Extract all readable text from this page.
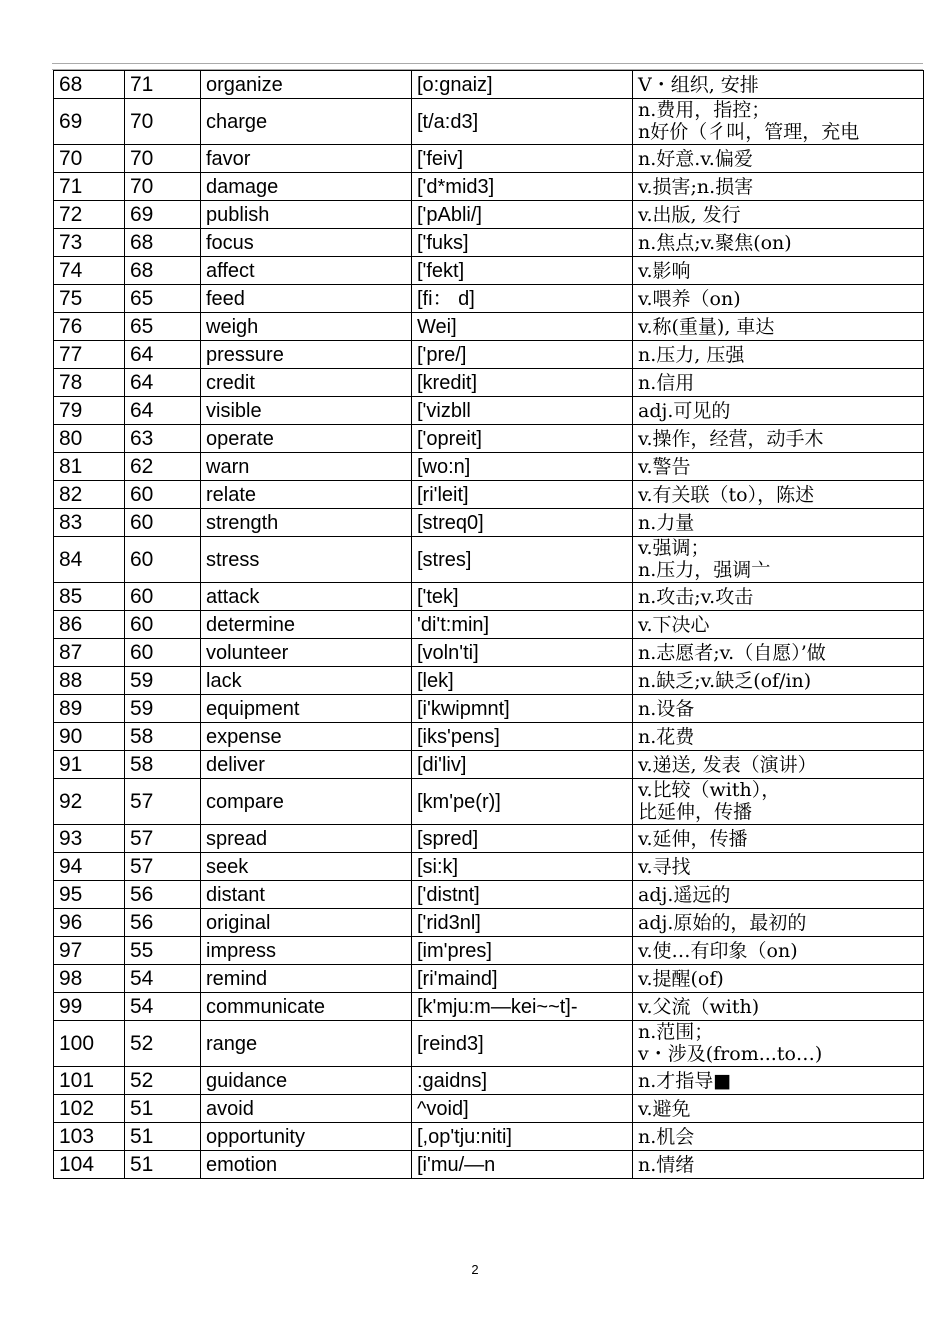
68	71	organize	[o:gnaiz]	V・组织, 安排
69	70	charge	[t/a:d3]	n.费用，指控；
n好价（彳叫，管理，充电
70	70	favor	['feiv]	n.好意.v.偏爱
71	70	damage	['d*mid3]	v.损害;n.损害
72	69	publish	['pAbli/]	v.出版, 发行
73	68	focus	['fuks]	n.焦点;v.聚焦(on)
74	68	affect	['fekt]	v.影响
75	65	feed	[fi： d]	v.喂养（on)
76	65	weigh	Wei]	v.称(重量), 車达
77	64	pressure	['pre/]	n.压力, 压强
78	64	credit	[kredit]	n.信用
79	64	visible	['vizbll	adj.可见的
80	63	operate	['opreit]	v.操作，经营，动手木
81	62	warn	[wo:n]	v.警告
82	60	relate	[ri'leit]	v.有关联（to），陈述
83	60	strength	[streq0]	n.力量
84	60	stress	[stres]	v.强调；
n.压力，强调亠
85	60	attack	['tek]	n.攻击;v.攻击
86	60	determine	'di't:min]	v.下决心
87	60	volunteer	[voln'ti]	n.志愿者;v.（自愿）’做
88	59	lack	[lek]	n.缺乏;v.缺乏(of/in)
89	59	equipment	[i'kwipmnt]	n.设备
90	58	expense	[iks'pens]	n.花费
91	58	deliver	[di'liv]	v.递送, 发表（演讲）
92	57	compare	[km'pe(r)]	v.比较（with），
比延伸，传播
93	57	spread	[spred]	v.延伸，传播
94	57	seek	[si:k]	v.寻找
95	56	distant	['distnt]	adj.遥远的
96	56	original	['rid3nl]	adj.原始的，最初的
97	55	impress	[im'pres]	v.使…有印象（on)
98	54	remind	[ri'maind]	v.提醒(of)
99	54	communicate	[k'mju:m—kei~~t]-	v.父流（with)
100	52	range	[reind3]	n.范围；
v・涉及(from...to…)
101	52	guidance	:gaidns]	n.才指导■
102	51	avoid	^void]	v.避免
103	51	opportunity	[,op'tju:niti]	n.机会
104	51	emotion	[i'mu/—n	n.情绪
2
